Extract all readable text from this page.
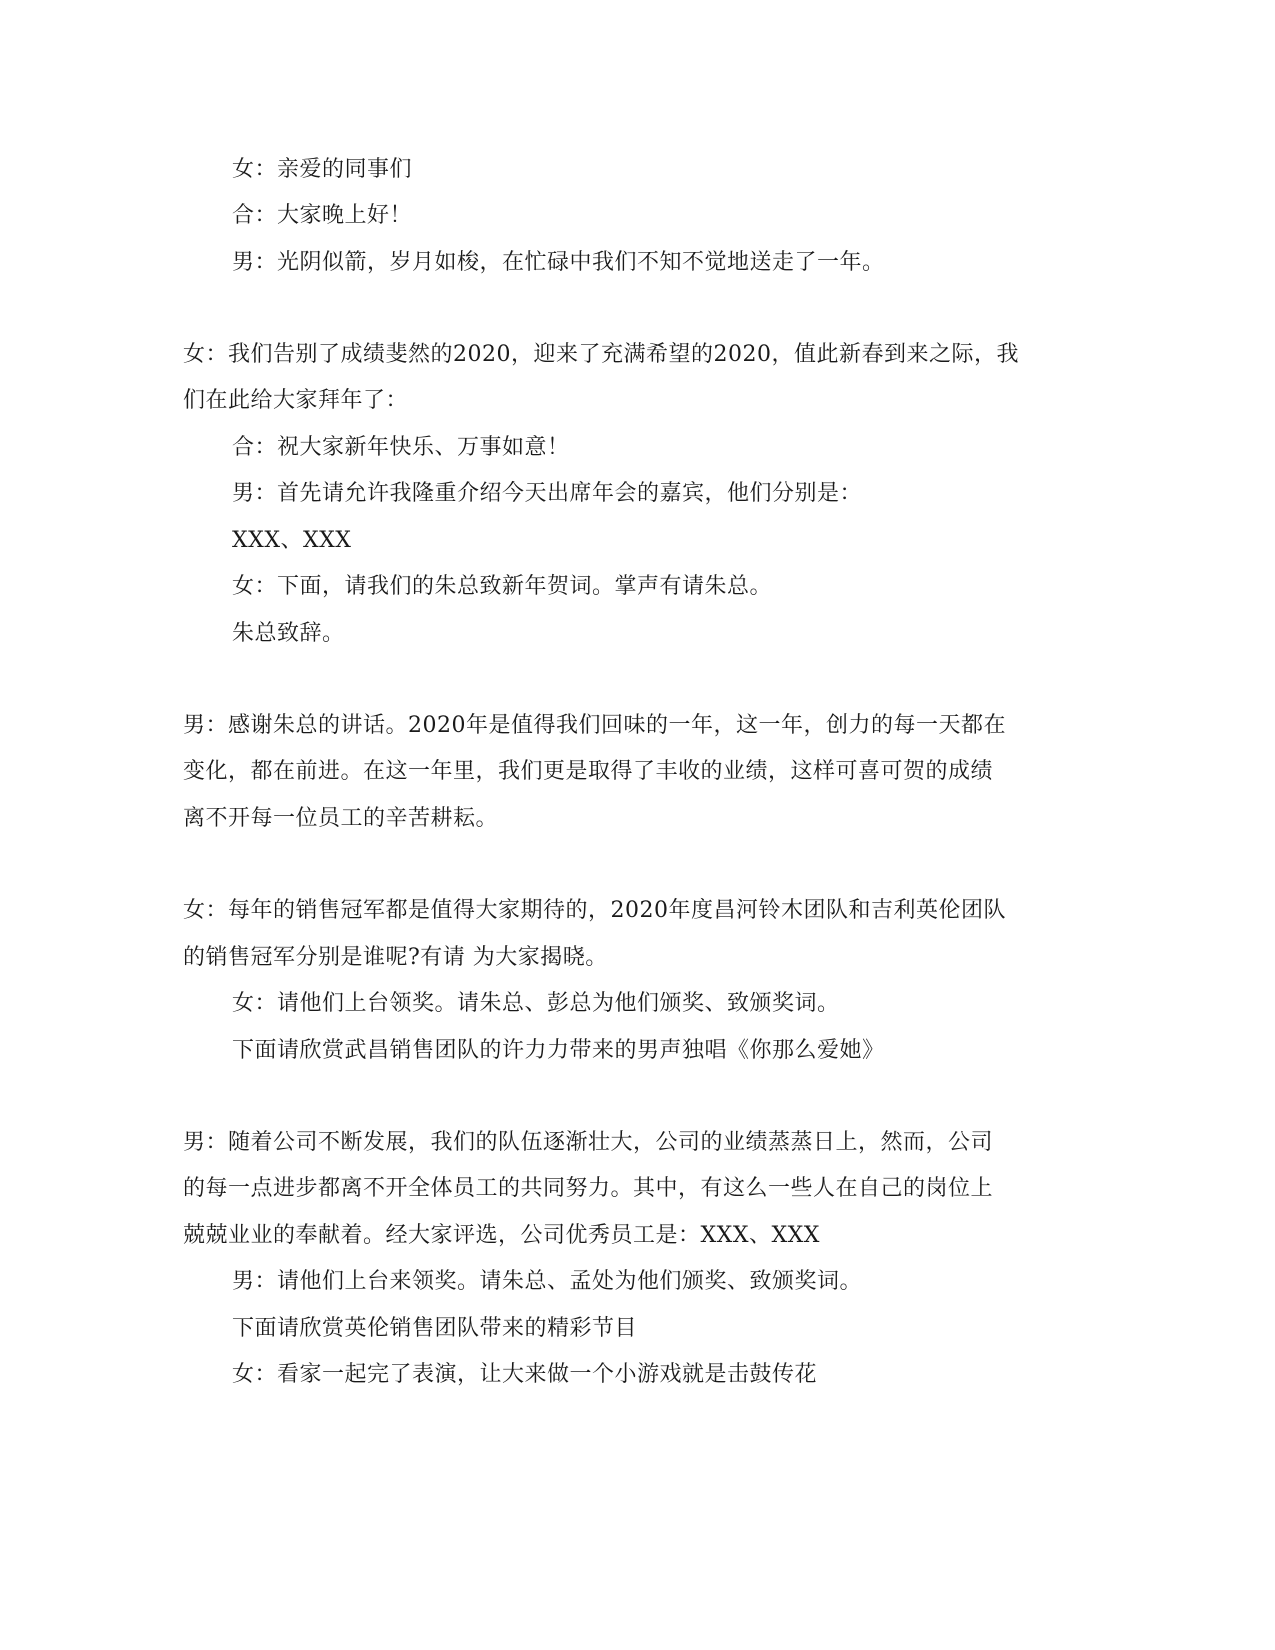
女：亲爱的同事们
合：大家晚上好！
男：光阴似箭，岁月如梭，在忙碌中我们不知不觉地送走了一年。
女：我们告别了成绩斐然的2020，迎来了充满希望的2020，值此新春到来之际，我
们在此给大家拜年了：
合：祝大家新年快乐、万事如意！
男：首先请允许我隆重介绍今天出席年会的嘉宾，他们分别是：
XXX、XXX
女：下面，请我们的朱总致新年贺词。掌声有请朱总。
朱总致辞。
男：感谢朱总的讲话。2020年是值得我们回味的一年，这一年，创力的每一天都在
变化，都在前进。在这一年里，我们更是取得了丰收的业绩，这样可喜可贺的成绩
离不开每一位员工的辛苦耕耘。
女：每年的销售冠军都是值得大家期待的，2020年度昌河铃木团队和吉利英伦团队
的销售冠军分别是谁呢?有请 为大家揭晓。
女：请他们上台领奖。请朱总、彭总为他们颁奖、致颁奖词。
下面请欣赏武昌销售团队的许力力带来的男声独唱《你那么爱她》
男：随着公司不断发展，我们的队伍逐渐壮大，公司的业绩蒸蒸日上，然而，公司
的每一点进步都离不开全体员工的共同努力。其中，有这么一些人在自己的岗位上
兢兢业业的奉献着。经大家评选，公司优秀员工是：XXX、XXX
男：请他们上台来领奖。请朱总、孟处为他们颁奖、致颁奖词。
下面请欣赏英伦销售团队带来的精彩节目
女：看家一起完了表演，让大来做一个小游戏就是击鼓传花
